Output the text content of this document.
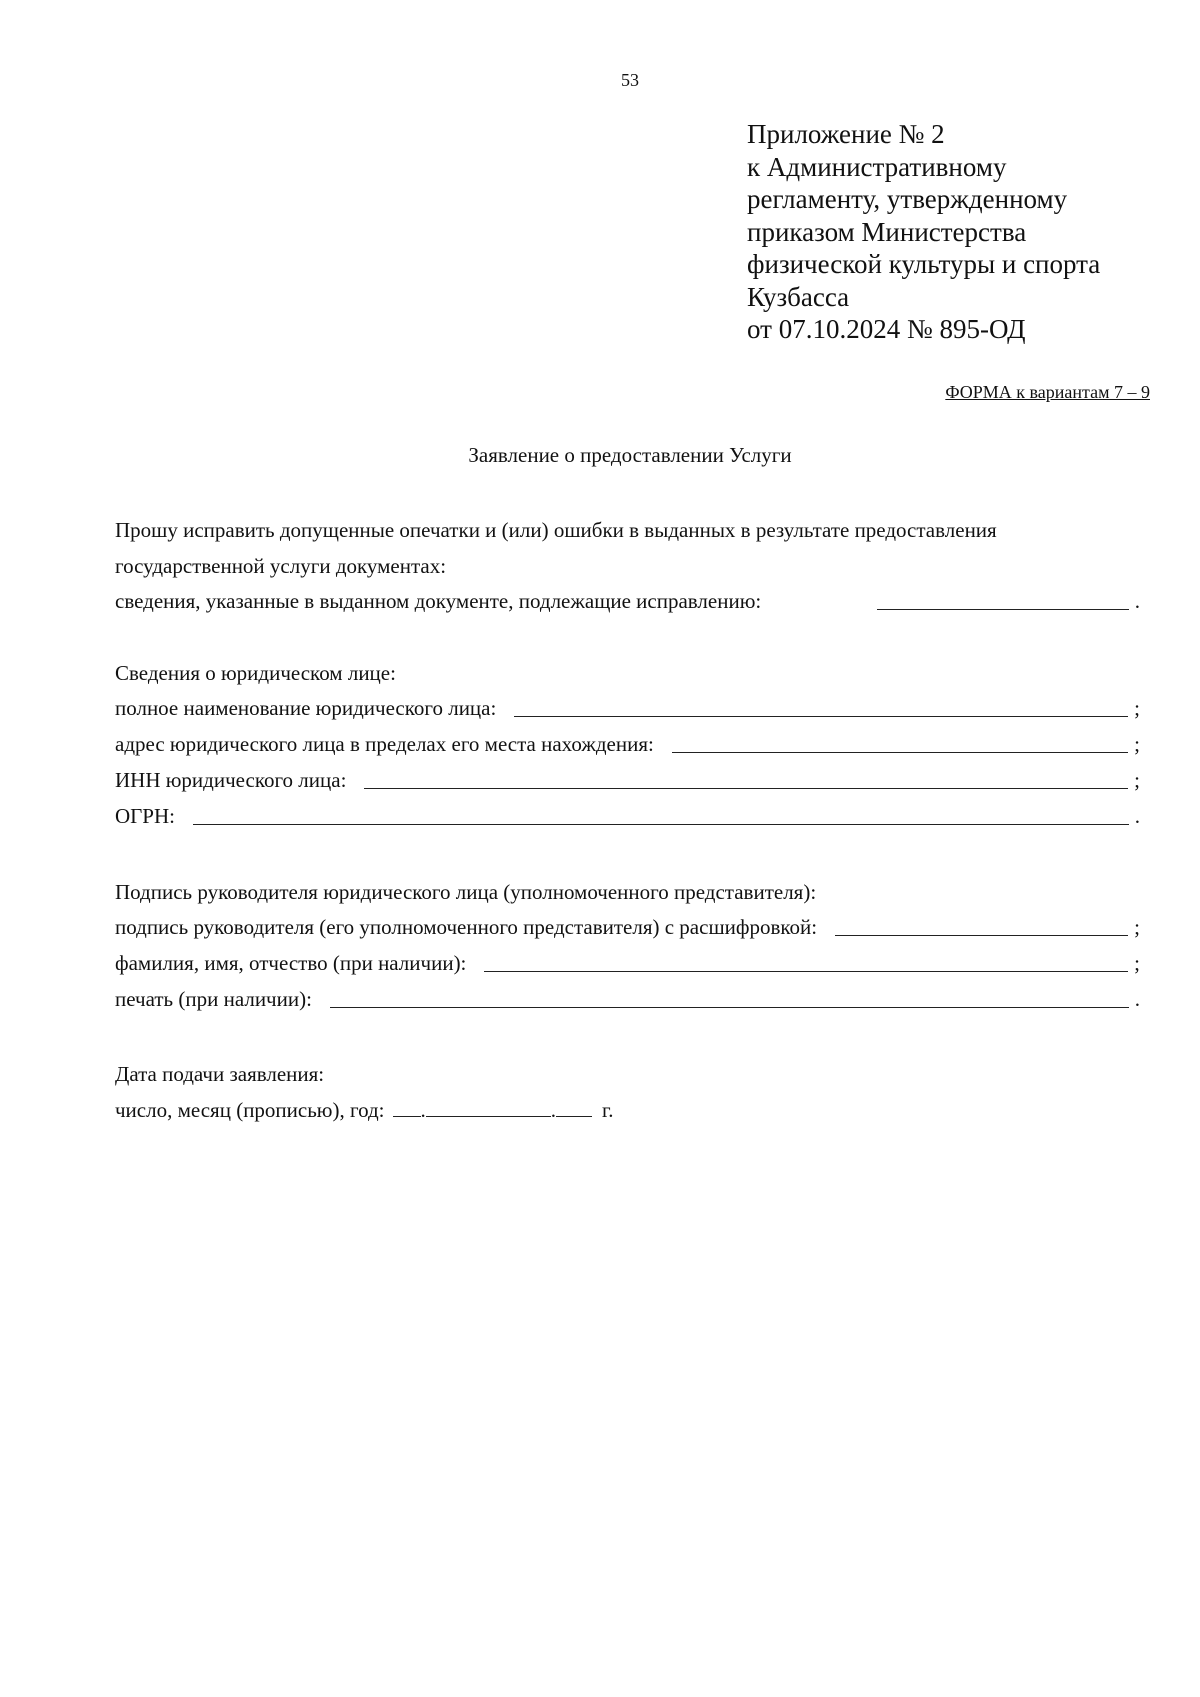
53
Приложение № 2
к Административному
регламенту, утвержденному
приказом Министерства
физической культуры и спорта
Кузбасса
от 07.10.2024 № 895-ОД
ФОРМА к вариантам 7 – 9
Заявление о предоставлении Услуги
Прошу исправить допущенные опечатки и (или) ошибки в выданных в результате предоставления государственной услуги документах:
сведения, указанные в выданном документе, подлежащие исправлению:	.
Сведения о юридическом лице:
полное наименование юридического лица:	;
адрес юридического лица в пределах его места нахождения:	;
ИНН юридического лица:	;
ОГРН:	.
Подпись руководителя юридического лица (уполномоченного представителя):
подпись руководителя (его уполномоченного представителя) с расшифровкой:	;
фамилия, имя, отчество (при наличии):	;
печать (при наличии):	.
Дата подачи заявления:
число, месяц (прописью), год: .	. г.
